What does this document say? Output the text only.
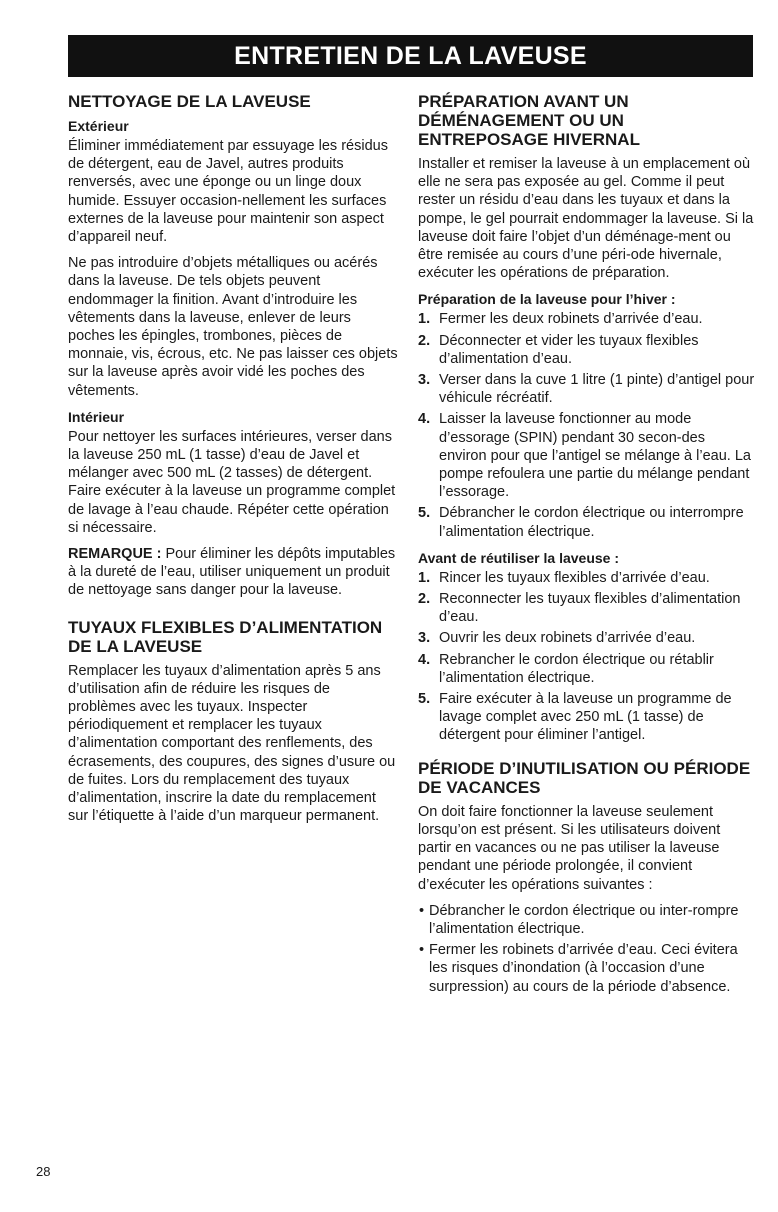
ENTRETIEN DE LA LAVEUSE
NETTOYAGE DE LA LAVEUSE
Extérieur

Éliminer immédiatement par essuyage les résidus de détergent, eau de Javel, autres produits renversés, avec une éponge ou un linge doux humide. Essuyer occasion-nellement les surfaces externes de la laveuse pour maintenir son aspect d’appareil neuf.

Ne pas introduire d’objets métalliques ou acérés dans la laveuse. De tels objets peuvent endommager la finition. Avant d’introduire les vêtements dans la laveuse, enlever de leurs poches les épingles, trombones, pièces de monnaie, vis, écrous, etc. Ne pas laisser ces objets sur la laveuse après avoir vidé les poches des vêtements.

Intérieur

Pour nettoyer les surfaces intérieures, verser dans la laveuse 250 mL (1 tasse) d’eau de Javel et mélanger avec 500 mL (2 tasses) de détergent. Faire exécuter à la laveuse un programme complet de lavage à l’eau chaude. Répéter cette opération si nécessaire.

REMARQUE : Pour éliminer les dépôts imputables à la dureté de l’eau, utiliser uniquement un produit de nettoyage sans danger pour la laveuse.

TUYAUX FLEXIBLES D’ALIMENTATION DE LA LAVEUSE

Remplacer les tuyaux d’alimentation après 5 ans d’utilisation afin de réduire les risques de problèmes avec les tuyaux. Inspecter périodiquement et remplacer les tuyaux d’alimentation comportant des renflements, des écrasements, des coupures, des signes d’usure ou de fuites. Lors du remplacement des tuyaux d’alimentation, inscrire la date du remplacement sur l’étiquette à l’aide d’un marqueur permanent.

PRÉPARATION AVANT UN DÉMÉNAGEMENT OU UN ENTREPOSAGE HIVERNAL

Installer et remiser la laveuse à un emplacement où elle ne sera pas exposée au gel. Comme il peut rester un résidu d’eau dans les tuyaux et dans la pompe, le gel pourrait endommager la laveuse. Si la laveuse doit faire l’objet d’un déménage-ment ou être remisée au cours d’une péri-ode hivernale, exécuter les opérations de préparation.

Préparation de la laveuse pour l’hiver :
1. Fermer les deux robinets d’arrivée d’eau.
2. Déconnecter et vider les tuyaux flexibles d’alimentation d’eau.
3. Verser dans la cuve 1 litre (1 pinte) d’antigel pour véhicule récréatif.
4. Laisser la laveuse fonctionner au mode d’essorage (SPIN) pendant 30 secon-des environ pour que l’antigel se mélange à l’eau. La pompe refoulera une partie du mélange pendant l’essorage.
5. Débrancher le cordon électrique ou interrompre l’alimentation électrique.
Avant de réutiliser la laveuse :
1. Rincer les tuyaux flexibles d’arrivée d’eau.
2. Reconnecter les tuyaux flexibles d’alimentation d’eau.
3. Ouvrir les deux robinets d’arrivée d’eau.
4. Rebrancher le cordon électrique ou rétablir l’alimentation électrique.
5. Faire exécuter à la laveuse un programme de lavage complet avec 250 mL (1 tasse) de détergent pour éliminer l’antigel.
PÉRIODE D’INUTILISATION OU PÉRIODE DE VACANCES

On doit faire fonctionner la laveuse seulement lorsqu’on est présent. Si les utilisateurs doivent partir en vacances ou ne pas utiliser la laveuse pendant une période prolongée, il convient d’exécuter les opérations suivantes :

• Débrancher le cordon électrique ou inter-rompre l’alimentation électrique.
• Fermer les robinets d’arrivée d’eau. Ceci évitera les risques d’inondation (à l’occasion d’une surpression) au cours de la période d’absence.
28
